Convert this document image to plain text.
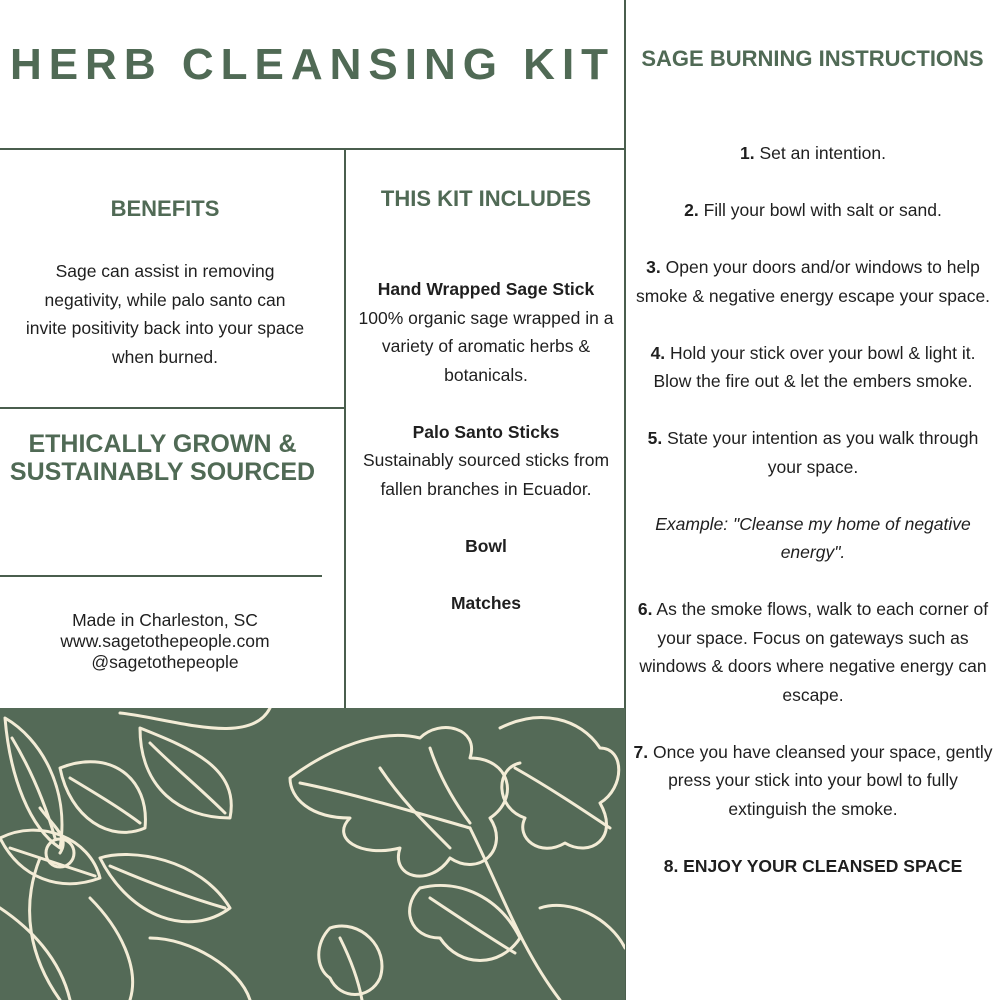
HERB CLEANSING KIT
BENEFITS
Sage can assist in removing negativity, while palo santo can invite positivity back into your space when burned.
ETHICALLY GROWN & SUSTAINABLY SOURCED
Made in Charleston, SC
www.sagetothepeople.com
@sagetothepeople
THIS KIT INCLUDES
Hand Wrapped Sage Stick
100% organic sage wrapped in a variety of aromatic herbs & botanicals.
Palo Santo Sticks
Sustainably sourced sticks from fallen branches in Ecuador.
Bowl
Matches
SAGE BURNING INSTRUCTIONS
1. Set an intention.
2. Fill your bowl with salt or sand.
3. Open your doors and/or windows to help smoke & negative energy escape your space.
4. Hold your stick over your bowl & light it. Blow the fire out & let the embers smoke.
5. State your intention as you walk through your space.
Example: "Cleanse my home of negative energy".
6. As the smoke flows, walk to each corner of your space. Focus on gateways such as windows & doors where negative energy can escape.
7. Once you have cleansed your space, gently press your stick into your bowl to fully extinguish the smoke.
8. ENJOY YOUR CLEANSED SPACE
